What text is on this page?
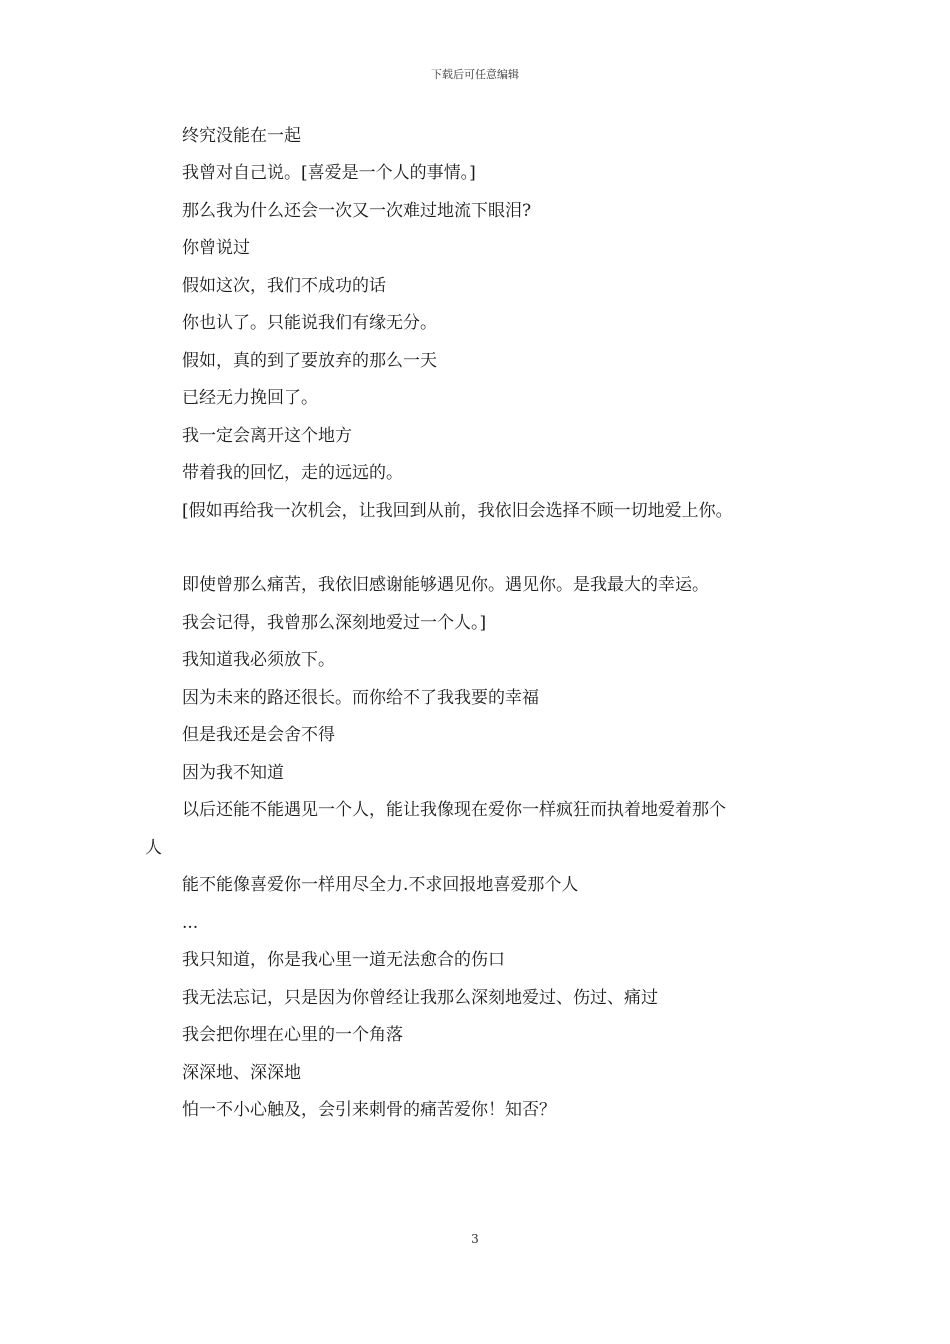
下载后可任意编辑
终究没能在一起
我曾对自己说。[喜爱是一个人的事情。]
那么我为什么还会一次又一次难过地流下眼泪?
你曾说过
假如这次，我们不成功的话
你也认了。只能说我们有缘无分。
假如，真的到了要放弃的那么一天
已经无力挽回了。
我一定会离开这个地方
带着我的回忆，走的远远的。
[假如再给我一次机会，让我回到从前，我依旧会选择不顾一切地爱上你。
即使曾那么痛苦，我依旧感谢能够遇见你。遇见你。是我最大的幸运。
我会记得，我曾那么深刻地爱过一个人。]
我知道我必须放下。
因为未来的路还很长。而你给不了我我要的幸福
但是我还是会舍不得
因为我不知道
以后还能不能遇见一个人，能让我像现在爱你一样疯狂而执着地爱着那个
人
能不能像喜爱你一样用尽全力.不求回报地喜爱那个人
...
我只知道，你是我心里一道无法愈合的伤口
我无法忘记，只是因为你曾经让我那么深刻地爱过、伤过、痛过
我会把你埋在心里的一个角落
深深地、深深地
怕一不小心触及，会引来刺骨的痛苦爱你！知否？
3
